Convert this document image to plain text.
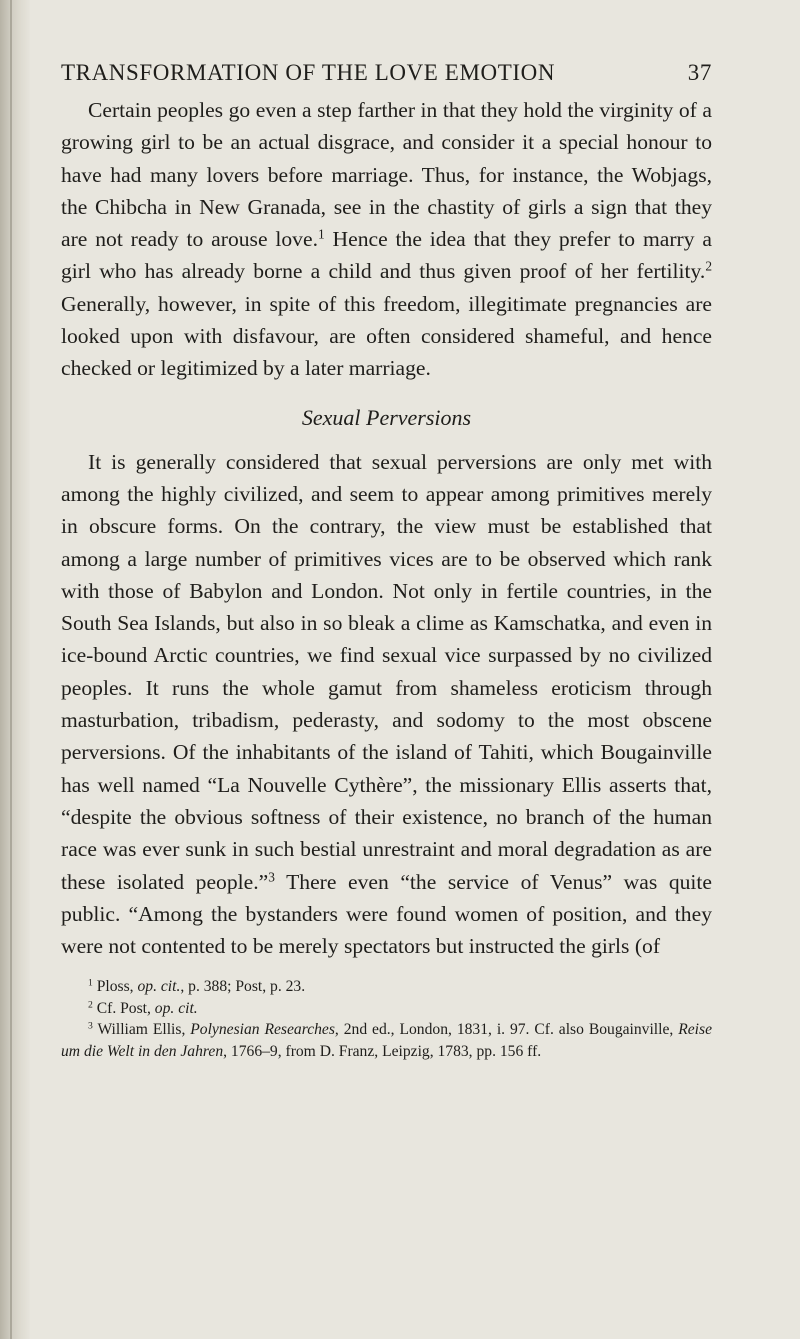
TRANSFORMATION OF THE LOVE EMOTION	37

Certain peoples go even a step farther in that they hold the virginity of a growing girl to be an actual disgrace, and consider it a special honour to have had many lovers before marriage. Thus, for instance, the Wobjags, the Chibcha in New Granada, see in the chastity of girls a sign that they are not ready to arouse love.$^1$ Hence the idea that they prefer to marry a girl who has already borne a child and thus given proof of her fertility.$^2$ Generally, however, in spite of this freedom, illegitimate pregnancies are looked upon with disfavour, are often considered shameful, and hence checked or legitimized by a later marriage.

Sexual Perversions

It is generally considered that sexual perversions are only met with among the highly civilized, and seem to appear among primitives merely in obscure forms. On the contrary, the view must be established that among a large number of primitives vices are to be observed which rank with those of Babylon and London. Not only in fertile countries, in the South Sea Islands, but also in so bleak a clime as Kamschatka, and even in ice-bound Arctic countries, we find sexual vice surpassed by no civilized peoples. It runs the whole gamut from shameless eroticism through masturbation, tribadism, pederasty, and sodomy to the most obscene perversions. Of the inhabitants of the island of Tahiti, which Bougainville has well named “La Nouvelle Cythère”, the missionary Ellis asserts that, “despite the obvious softness of their existence, no branch of the human race was ever sunk in such bestial unrestraint and moral degradation as are these isolated people.”$^3$ There even “the service of Venus” was quite public. “Among the bystanders were found women of position, and they were not contented to be merely spectators but instructed the girls (of

$^1$ Ploss, op. cit., p. 388; Post, p. 23.
$^2$ Cf. Post, op. cit.
$^3$ William Ellis, Polynesian Researches, 2nd ed., London, 1831, i. 97. Cf. also Bougainville, Reise um die Welt in den Jahren, 1766–9, from D. Franz, Leipzig, 1783, pp. 156 ff.
